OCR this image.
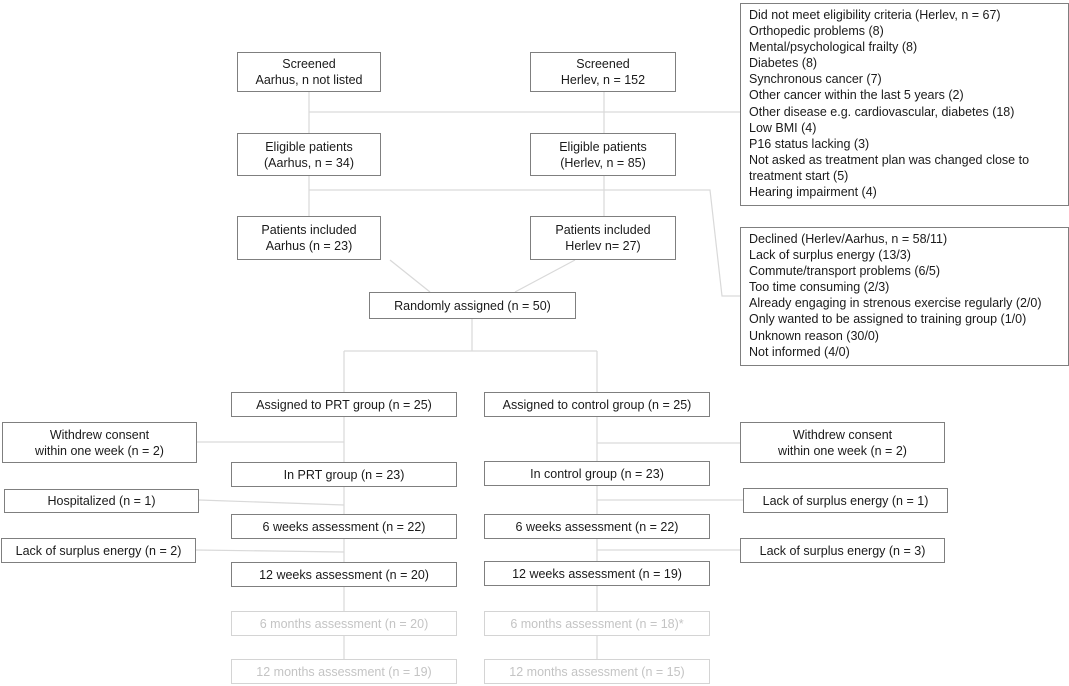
Screened
Aarhus, n not listed
Screened
Herlev, n = 152
Eligible patients
(Aarhus, n = 34)
Eligible patients
(Herlev, n = 85)
Patients included
Aarhus (n = 23)
Patients included
Herlev n= 27)
Randomly assigned (n = 50)
Did not meet eligibility criteria (Herlev, n = 67)
Orthopedic problems (8)
Mental/psychological frailty (8)
Diabetes (8)
Synchronous cancer (7)
Other cancer within the last 5 years (2)
Other disease e.g. cardiovascular, diabetes (18)
Low BMI (4)
P16 status lacking (3)
Not asked as treatment plan was changed close to
treatment start (5)
Hearing impairment (4)
Declined (Herlev/Aarhus, n = 58/11)
Lack of surplus energy (13/3)
Commute/transport problems (6/5)
Too time consuming (2/3)
Already engaging in strenous exercise regularly (2/0)
Only wanted to be assigned to training group (1/0)
Unknown reason (30/0)
Not informed (4/0)
Assigned to PRT group (n = 25)
Withdrew consent
within one week (n = 2)
In PRT group (n = 23)
Hospitalized (n = 1)
6 weeks assessment (n = 22)
Lack of surplus energy (n = 2)
12 weeks assessment (n = 20)
6 months assessment (n = 20)
12 months assessment (n = 19)
Assigned to control group (n = 25)
Withdrew consent
within one week (n = 2)
In control group (n = 23)
Lack of surplus energy (n = 1)
6 weeks assessment (n = 22)
Lack of surplus energy (n = 3)
12 weeks assessment (n = 19)
6 months assessment (n = 18)*
12 months assessment (n = 15)
